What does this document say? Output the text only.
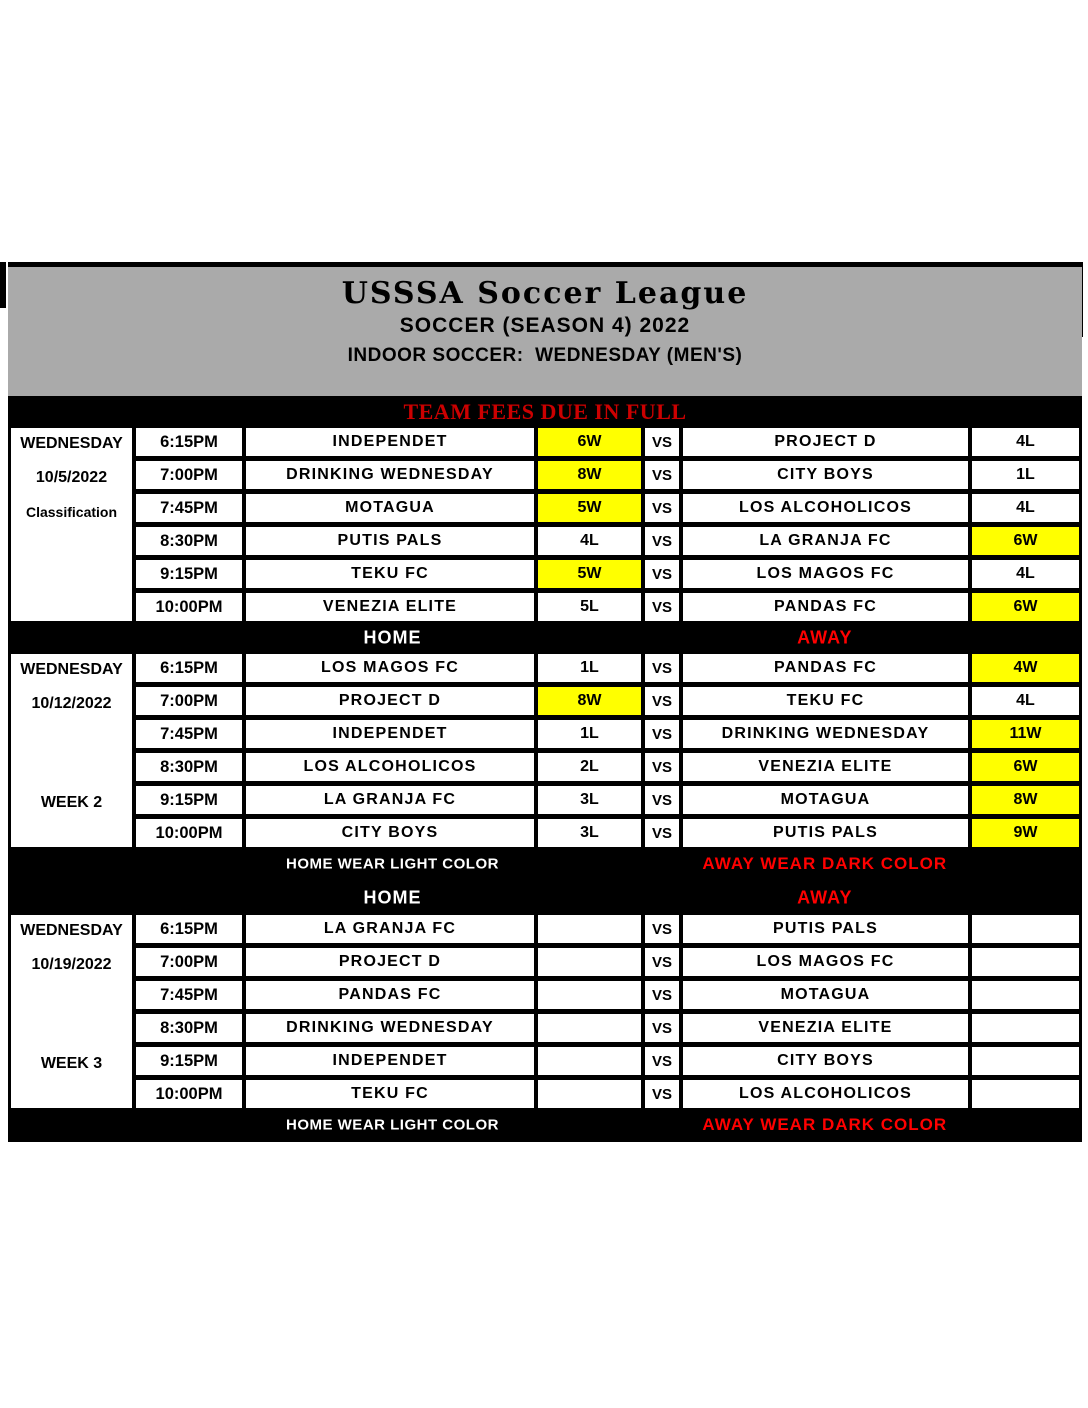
USSSA Soccer League
SOCCER (SEASON 4) 2022
INDOOR SOCCER:  WEDNESDAY (MEN'S)
TEAM FEES DUE IN FULL
WEDNESDAY
10/5/2022
Classification
6:15PM	INDEPENDET	6W	VS	PROJECT D	4L
7:00PM	DRINKING WEDNESDAY	8W	VS	CITY BOYS	1L
7:45PM	MOTAGUA	5W	VS	LOS ALCOHOLICOS	4L
8:30PM	PUTIS PALS	4L	VS	LA GRANJA FC	6W
9:15PM	TEKU FC	5W	VS	LOS MAGOS FC	4L
10:00PM	VENEZIA ELITE	5L	VS	PANDAS FC	6W
HOME	AWAY
WEDNESDAY
10/12/2022
WEEK 2
6:15PM	LOS MAGOS FC	1L	VS	PANDAS FC	4W
7:00PM	PROJECT D	8W	VS	TEKU FC	4L
7:45PM	INDEPENDET	1L	VS	DRINKING WEDNESDAY	11W
8:30PM	LOS ALCOHOLICOS	2L	VS	VENEZIA ELITE	6W
9:15PM	LA GRANJA FC	3L	VS	MOTAGUA	8W
10:00PM	CITY BOYS	3L	VS	PUTIS PALS	9W
HOME WEAR LIGHT COLOR	AWAY WEAR DARK COLOR
HOME	AWAY
WEDNESDAY
10/19/2022
WEEK 3
6:15PM	LA GRANJA FC	VS	PUTIS PALS
7:00PM	PROJECT D	VS	LOS MAGOS FC
7:45PM	PANDAS FC	VS	MOTAGUA
8:30PM	DRINKING WEDNESDAY	VS	VENEZIA ELITE
9:15PM	INDEPENDET	VS	CITY BOYS
10:00PM	TEKU FC	VS	LOS ALCOHOLICOS
HOME WEAR LIGHT COLOR	AWAY WEAR DARK COLOR
